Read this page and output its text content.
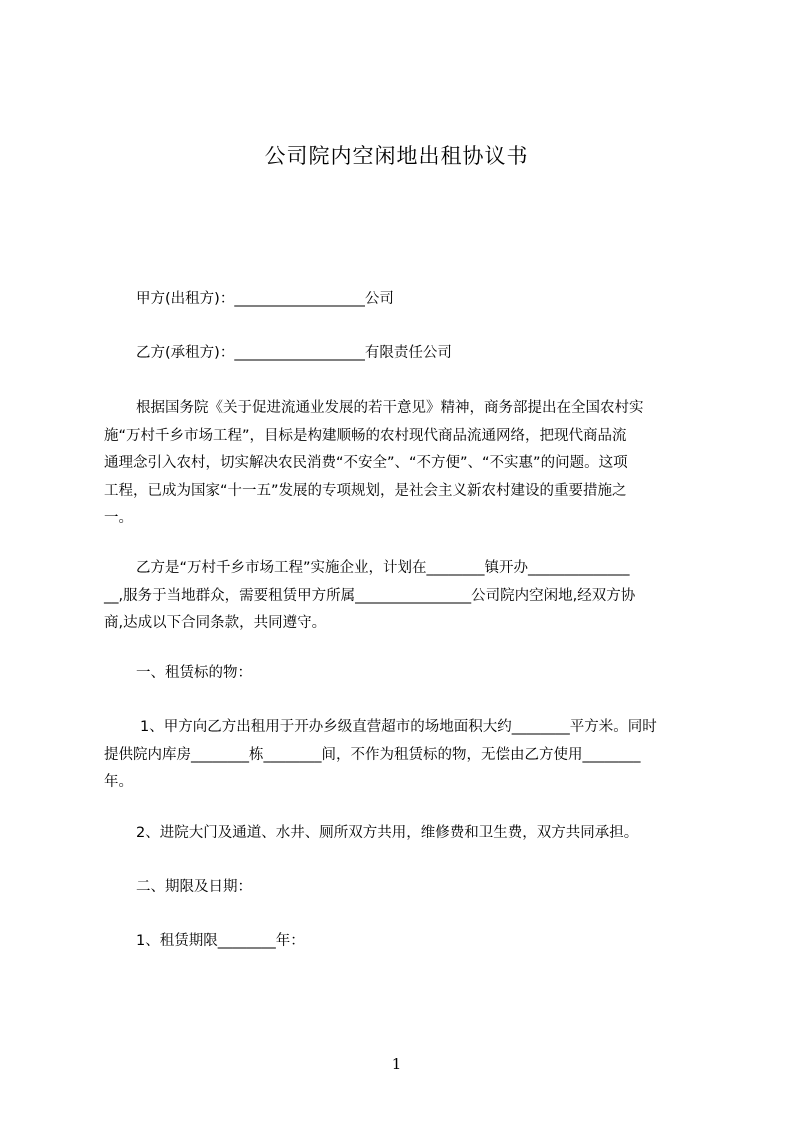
公司院内空闲地出租协议书

甲方(出租方)：__________________公司

乙方(承租方)：__________________有限责任公司

根据国务院《关于促进流通业发展的若干意见》精神，商务部提出在全国农村实
施“万村千乡市场工程”，目标是构建顺畅的农村现代商品流通网络，把现代商品流
通理念引入农村，切实解决农民消费“不安全”、“不方便”、“不实惠”的问题。这项
工程，已成为国家“十一五”发展的专项规划，是社会主义新农村建设的重要措施之
一。
乙方是“万村千乡市场工程”实施企业，计划在________镇开办______________
__,服务于当地群众，需要租赁甲方所属________________公司院内空闲地,经双方协
商,达成以下合同条款，共同遵守。

一、租赁标的物：

1、甲方向乙方出租用于开办乡级直营超市的场地面积大约________平方米。同时
提供院内库房________栋________间，不作为租赁标的物，无偿由乙方使用________
年。

2、进院大门及通道、水井、厕所双方共用，维修费和卫生费，双方共同承担。

二、期限及日期：

1、租赁期限________年：

1
